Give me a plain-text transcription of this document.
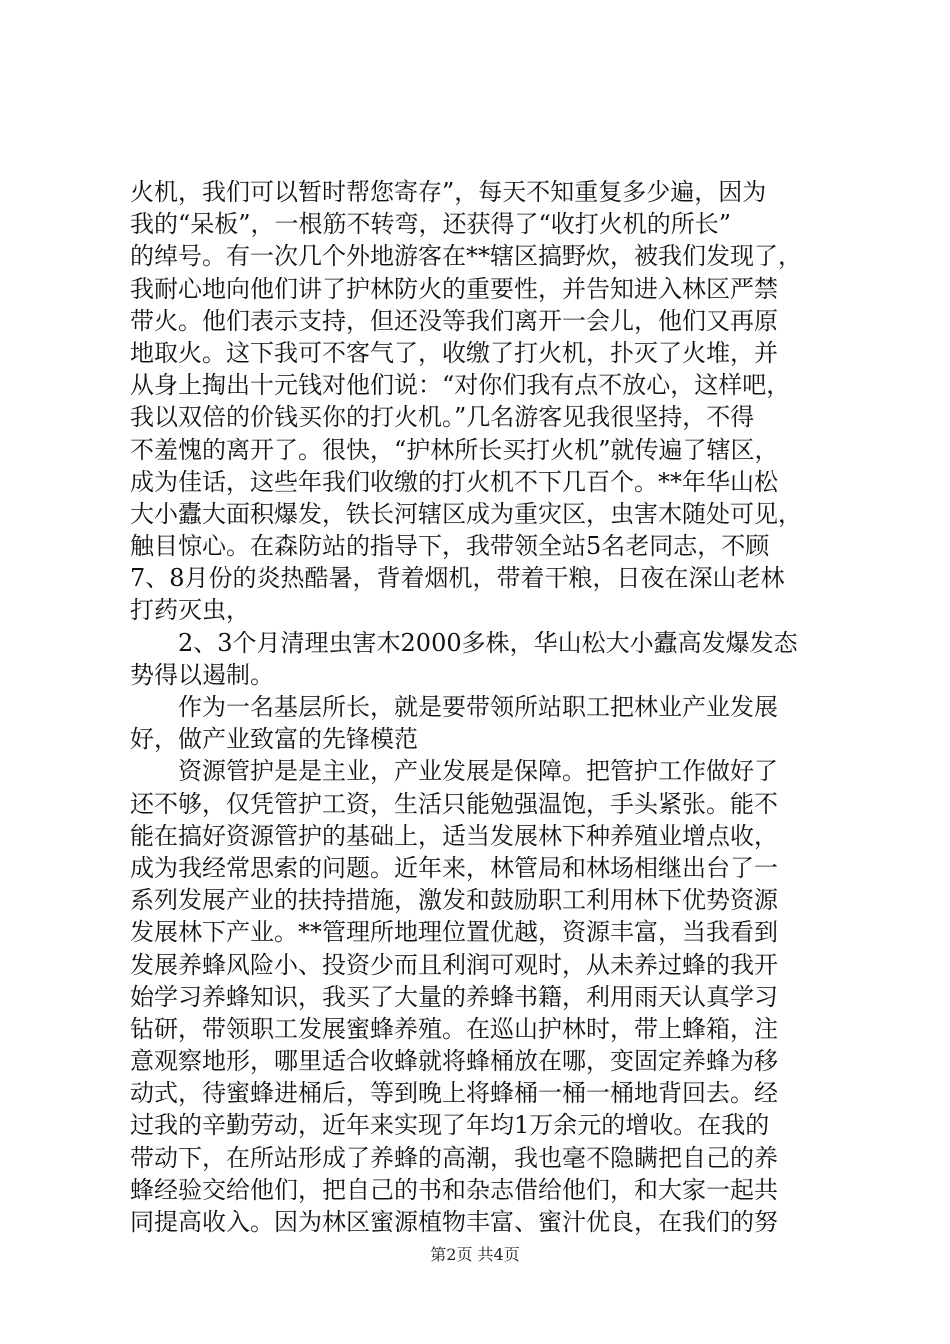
火机，我们可以暂时帮您寄存”，每天不知重复多少遍，因为
我的“呆板”，一根筋不转弯，还获得了“收打火机的所长”
的绰号。有一次几个外地游客在**辖区搞野炊，被我们发现了，
我耐心地向他们讲了护林防火的重要性，并告知进入林区严禁
带火。他们表示支持，但还没等我们离开一会儿，他们又再原
地取火。这下我可不客气了，收缴了打火机，扑灭了火堆，并
从身上掏出十元钱对他们说：“对你们我有点不放心，这样吧，
我以双倍的价钱买你的打火机。”几名游客见我很坚持，不得
不羞愧的离开了。很快，“护林所长买打火机”就传遍了辖区，
成为佳话，这些年我们收缴的打火机不下几百个。**年华山松
大小蠹大面积爆发，铁长河辖区成为重灾区，虫害木随处可见，
触目惊心。在森防站的指导下，我带领全站5名老同志，不顾
7、8月份的炎热酷暑，背着烟机，带着干粮，日夜在深山老林
打药灭虫，
2、3个月清理虫害木2000多株，华山松大小蠹高发爆发态
势得以遏制。
作为一名基层所长，就是要带领所站职工把林业产业发展
好，做产业致富的先锋模范
资源管护是是主业，产业发展是保障。把管护工作做好了
还不够，仅凭管护工资，生活只能勉强温饱，手头紧张。能不
能在搞好资源管护的基础上，适当发展林下种养殖业增点收，
成为我经常思索的问题。近年来，林管局和林场相继出台了一
系列发展产业的扶持措施，激发和鼓励职工利用林下优势资源
发展林下产业。**管理所地理位置优越，资源丰富，当我看到
发展养蜂风险小、投资少而且利润可观时，从未养过蜂的我开
始学习养蜂知识，我买了大量的养蜂书籍，利用雨天认真学习
钻研，带领职工发展蜜蜂养殖。在巡山护林时，带上蜂箱，注
意观察地形，哪里适合收蜂就将蜂桶放在哪，变固定养蜂为移
动式，待蜜蜂进桶后，等到晚上将蜂桶一桶一桶地背回去。经
过我的辛勤劳动，近年来实现了年均1万余元的增收。在我的
带动下，在所站形成了养蜂的高潮，我也毫不隐瞒把自己的养
蜂经验交给他们，把自己的书和杂志借给他们，和大家一起共
同提高收入。因为林区蜜源植物丰富、蜜汁优良，在我们的努
第2页 共4页
